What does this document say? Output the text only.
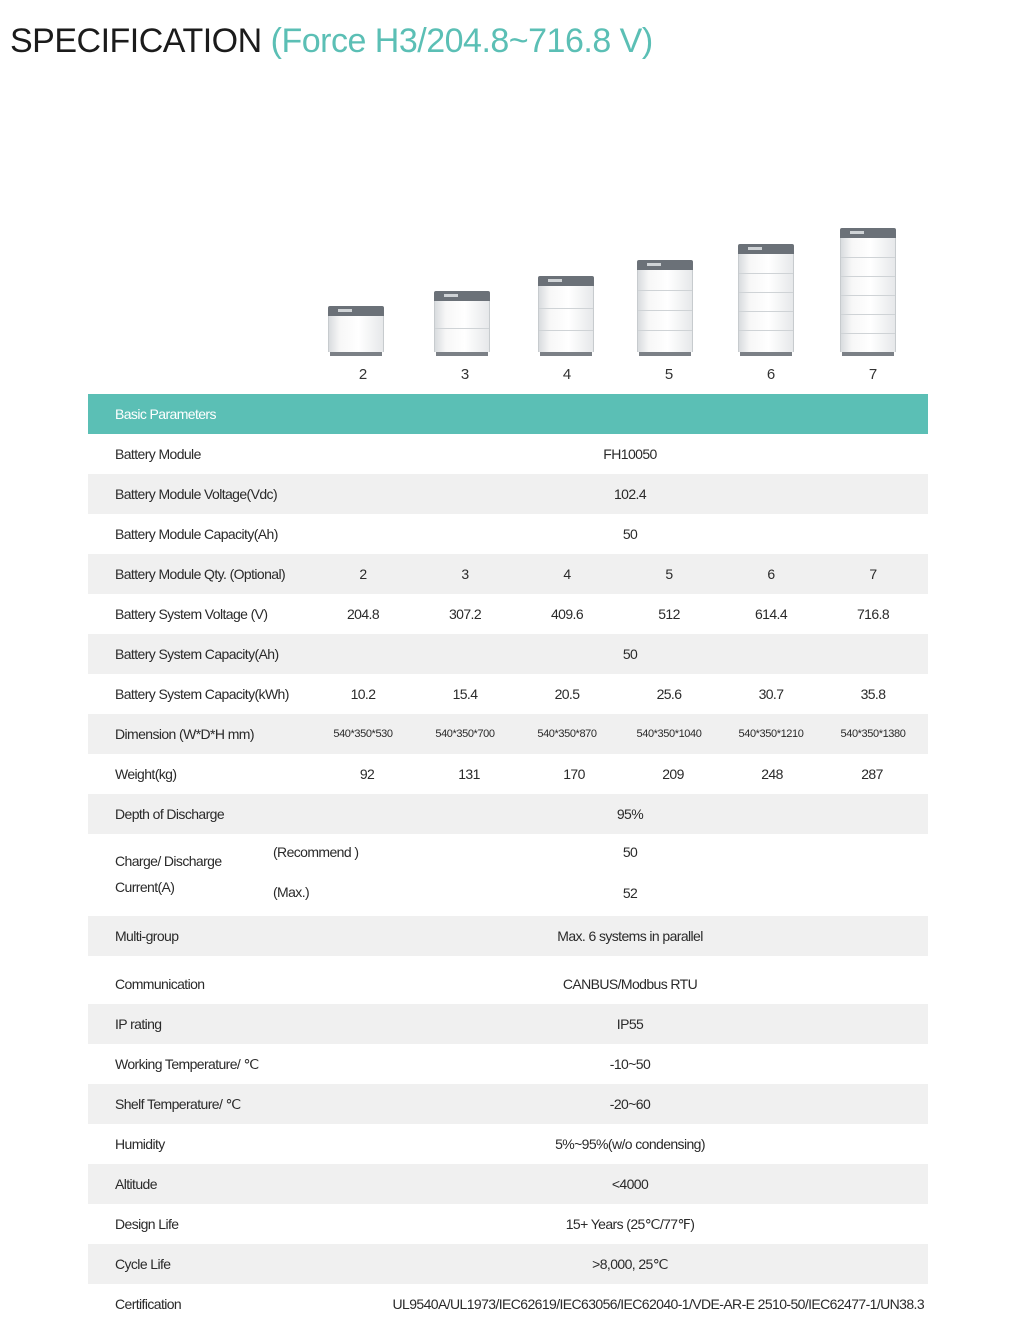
SPECIFICATION (Force H3/204.8~716.8 V)
2	3	4	5	6	7
Basic Parameters
Battery Module	FH10050
Battery Module Voltage(Vdc)	102.4
Battery Module Capacity(Ah)	50
Battery Module Qty. (Optional)	2	3	4	5	6	7
Battery System Voltage (V)	204.8	307.2	409.6	512	614.4	716.8
Battery System Capacity(Ah)	50
Battery System Capacity(kWh)	10.2	15.4	20.5	25.6	30.7	35.8
Dimension (W*D*H mm)	540*350*530	540*350*700	540*350*870	540*350*1040	540*350*1210	540*350*1380
Weight(kg)	92	131	170	209	248	287
Depth of Discharge	95%
Charge/ Discharge
Current(A)
(Recommend )	50
(Max.)	52
Multi-group	Max. 6 systems in parallel
Communication	CANBUS/Modbus RTU
IP rating	IP55
Working Temperature/ ℃	-10~50
Shelf Temperature/ ℃	-20~60
Humidity	5%~95%(w/o condensing)
Altitude	<4000
Design Life	15+ Years (25℃/77℉)
Cycle Life	>8,000, 25℃
Certification	UL9540A/UL1973/IEC62619/IEC63056/IEC62040-1/VDE-AR-E 2510-50/IEC62477-1/UN38.3
